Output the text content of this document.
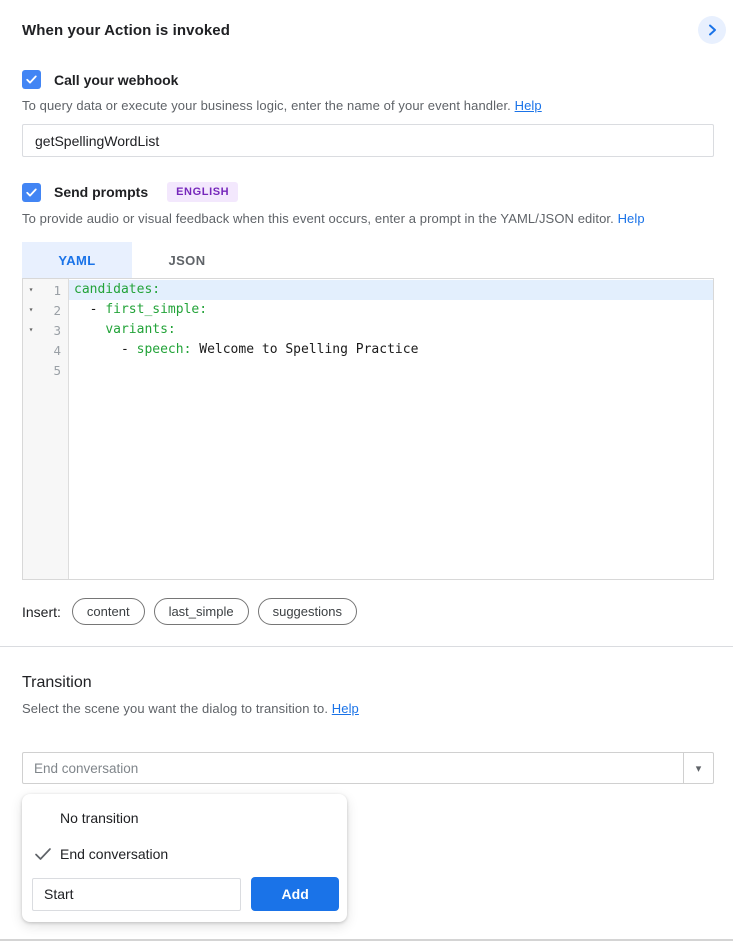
When your Action is invoked
Call your webhook
To query data or execute your business logic, enter the name of your event handler. Help
getSpellingWordList
Send prompts	ENGLISH
To provide audio or visual feedback when this event occurs, enter a prompt in the YAML/JSON editor. Help
YAML	JSON
▾	1
▾	2
▾	3
4
5
candidates:
- first_simple:
variants:
- speech: Welcome to Spelling Practice
Insert:	content	last_simple	suggestions
Transition
Select the scene you want the dialog to transition to. Help
End conversation	▾
No transition
End conversation
Start
Add
